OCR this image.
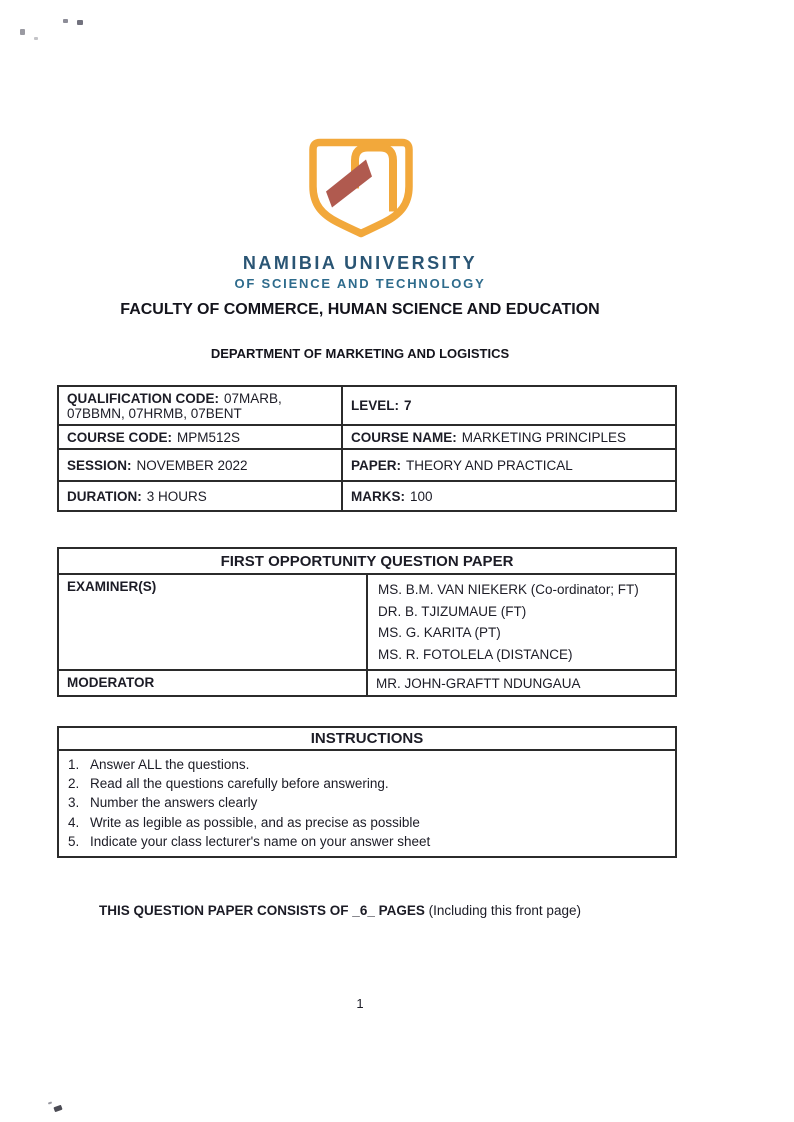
NAMIBIA UNIVERSITY
OF SCIENCE AND TECHNOLOGY
FACULTY OF COMMERCE, HUMAN SCIENCE AND EDUCATION
DEPARTMENT OF MARKETING AND LOGISTICS
QUALIFICATION CODE: 07MARB, 07BBMN, 07HRMB, 07BENT	LEVEL: 7
COURSE CODE: MPM512S	COURSE NAME: MARKETING PRINCIPLES
SESSION: NOVEMBER 2022	PAPER: THEORY AND PRACTICAL
DURATION: 3 HOURS	MARKS: 100
FIRST OPPORTUNITY QUESTION PAPER	
EXAMINER(S)	MS. B.M. VAN NIEKERK (Co-ordinator; FT)
DR. B. TJIZUMAUE (FT)
MS. G. KARITA (PT)
MS. R. FOTOLELA (DISTANCE)

MODERATOR	MR. JOHN-GRAFTT NDUNGAUA
INSTRUCTIONS

1. Answer ALL the questions.
2. Read all the questions carefully before answering.
3. Number the answers clearly
4. Write as legible as possible, and as precise as possible
5. Indicate your class lecturer's name on your answer sheet
THIS QUESTION PAPER CONSISTS OF _6_ PAGES (Including this front page)
1
